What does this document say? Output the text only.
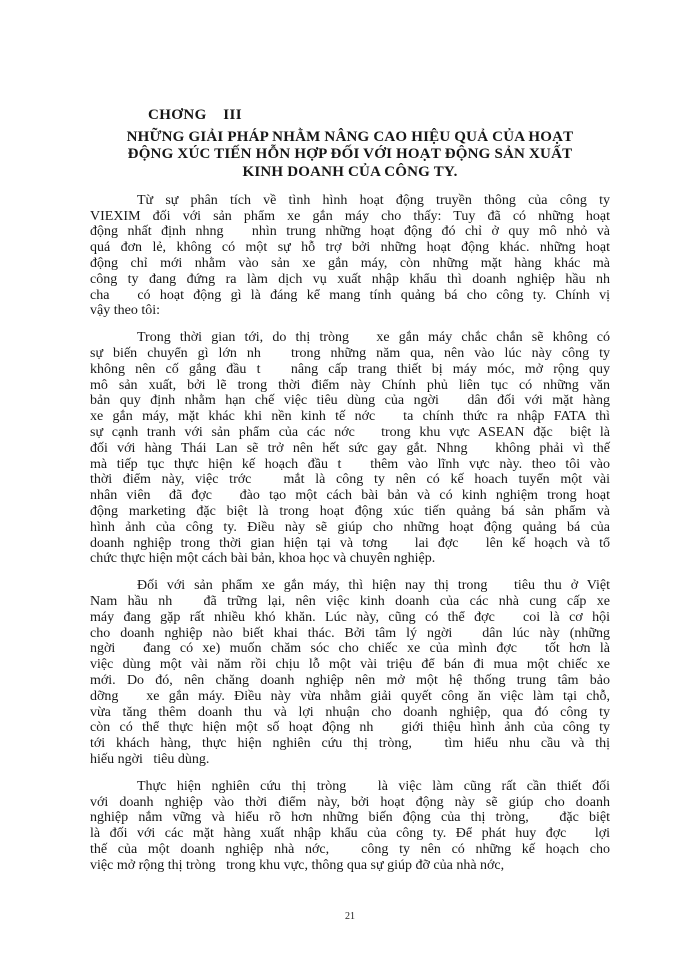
CHƠNG    III
NHỮNG GIẢI PHÁP NHẰM NÂNG CAO HIỆU QUẢ CỦA HOẠT
ĐỘNG XÚC TIẾN HỖN HỢP ĐỐI VỚI HOẠT ĐỘNG SẢN XUẤT
KINH DOANH CỦA CÔNG TY.
Từ sự phân tích về tình hình hoạt động truyền thông của công ty
VIEXIM đối với sản phẩm xe gắn máy cho thấy: Tuy đã có những hoạt
động nhất định nhng   nhìn trung những hoạt động đó chỉ ở quy mô nhỏ và
quá đơn lẻ, không có một sự hỗ trợ bởi những hoạt động khác. những hoạt
động chỉ mới nhằm vào sản xe gắn máy, còn những mặt hàng khác mà
công ty đang đứng ra làm dịch vụ xuất nhập khẩu thì doanh nghiệp hầu nh
cha   có hoạt động gì là đáng kể mang tính quảng bá cho công ty. Chính vị
vậy theo tôi:
Trong thời gian tới, do thị tròng   xe gắn máy chắc chắn sẽ không có
sự biến chuyển gì lớn nh   trong những năm qua, nên vào lúc này công ty
không nên cố gắng đầu t   nâng cấp trang thiết bị máy móc, mở rộng quy
mô sản xuất, bởi lẽ trong thời điểm này Chính phủ liên tục có những văn
bản quy định nhằm hạn chế việc tiêu dùng của ngời   dân đối với mặt hàng
xe gắn máy, mặt khác khi nền kinh tế nớc   ta chính thức ra nhập FATA thì
sự cạnh tranh với sản phẩm của các nớc   trong khu vực ASEAN đặc  biệt là
đối với hàng Thái Lan sẽ trở nên hết sức gay gắt. Nhng   không phải vì thế
mà tiếp tục thực hiện kế hoạch đầu t   thêm vào lĩnh vực này. theo tôi vào
thời điểm này, việc trớc   mắt là công ty nên có kế hoach tuyển một vài
nhân viên  đã đợc   đào tạo một cách bài bản và có kinh nghiệm trong hoạt
động marketing đặc biệt là trong hoạt động xúc tiến quảng bá sản phẩm và
hình ảnh của công ty. Điều này sẽ giúp cho những hoạt động quảng bá của
doanh nghiệp trong thời gian hiện tại và tơng   lai đợc   lên kế hoạch và tổ
chức thực hiện một cách bài bản, khoa học và chuyên nghiệp.
Đối với sản phẩm xe gắn máy, thì hiện nay thị trong   tiêu thu ở Việt
Nam hầu nh   đã trững lại, nên việc kinh doanh của các nhà cung cấp xe
máy đang gặp rất nhiều khó khăn. Lúc này, cũng có thể đợc   coi là cơ hội
cho doanh nghiệp nào biết khai thác. Bởi tâm lý ngời   dân lúc này (những
ngời   đang có xe) muốn chăm sóc cho chiếc xe của mình đợc   tốt hơn là
việc dùng một vài năm rồi chịu lỗ một vài triệu để bán đi mua một chiếc xe
mới. Do đó, nên chăng doanh nghiệp nên mở một hệ thống trung tâm bảo
dỡng   xe gắn máy. Điều này vừa nhằm giải quyết công ăn việc làm tại chỗ,
vừa tăng thêm doanh thu và lợi nhuận cho doanh nghiệp, qua đó công ty
còn có thể thực hiện một số hoạt động nh   giới thiệu hình ảnh của công ty
tới khách hàng, thực hiện nghiên cứu thị tròng,   tìm hiểu nhu cầu và thị
hiếu ngời   tiêu dùng.
Thực hiện nghiên cứu thị tròng   là việc làm cũng rất cần thiết đối
với doanh nghiệp vào thời điểm này, bởi hoạt động này sẽ giúp cho doanh
nghiệp nắm vững và hiểu rõ hơn những biến động của thị tròng,   đặc biệt
là đối với các mặt hàng xuất nhập khẩu của công ty. Để phát huy đợc   lợi
thế của một doanh nghiệp nhà nớc,   công ty nên có những kế hoạch cho
việc mở rộng thị tròng   trong khu vực, thông qua sự giúp đỡ của nhà nớc,
21
